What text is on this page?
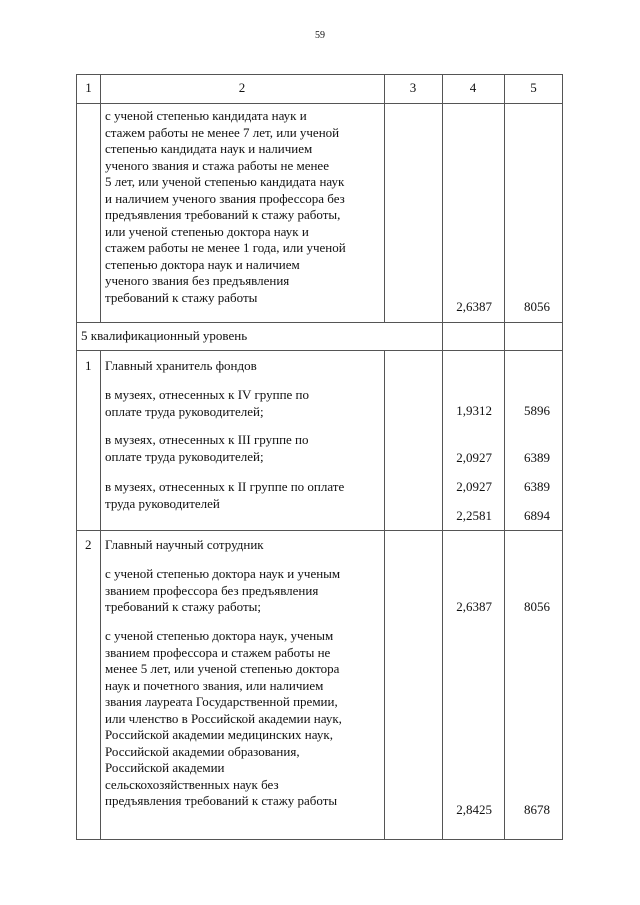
59
1	2	3	4	5
с ученой степенью кандидата наук и
стажем работы не менее 7 лет, или ученой
степенью кандидата наук и наличием
ученого звания и стажа работы не менее
5 лет, или ученой степенью кандидата наук
и наличием ученого звания профессора без
предъявления требований к стажу работы,
или ученой степенью доктора наук и
стажем работы не менее 1 года, или ученой
степенью доктора наук и наличием
ученого звания без предъявления
требований к стажу работы
2,6387	8056
5 квалификационный уровень
1 Главный хранитель фондов
в музеях, отнесенных к IV группе по
оплате труда руководителей;	1,9312	5896
в музеях, отнесенных к III группе по
оплате труда руководителей;	2,0927	6389
в музеях, отнесенных к II группе по оплате
труда руководителей
2,0927	6389
2,2581	6894
2 Главный научный сотрудник
с ученой степенью доктора наук и ученым
званием профессора без предъявления
требований к стажу работы;	2,6387	8056
с ученой степенью доктора наук, ученым
званием профессора и стажем работы не
менее 5 лет, или ученой степенью доктора
наук и почетного звания, или наличием
звания лауреата Государственной премии,
или членство в Российской академии наук,
Российской академии медицинских наук,
Российской академии образования,
Российской академии
сельскохозяйственных наук без
предъявления требований к стажу работы
2,8425	8678
